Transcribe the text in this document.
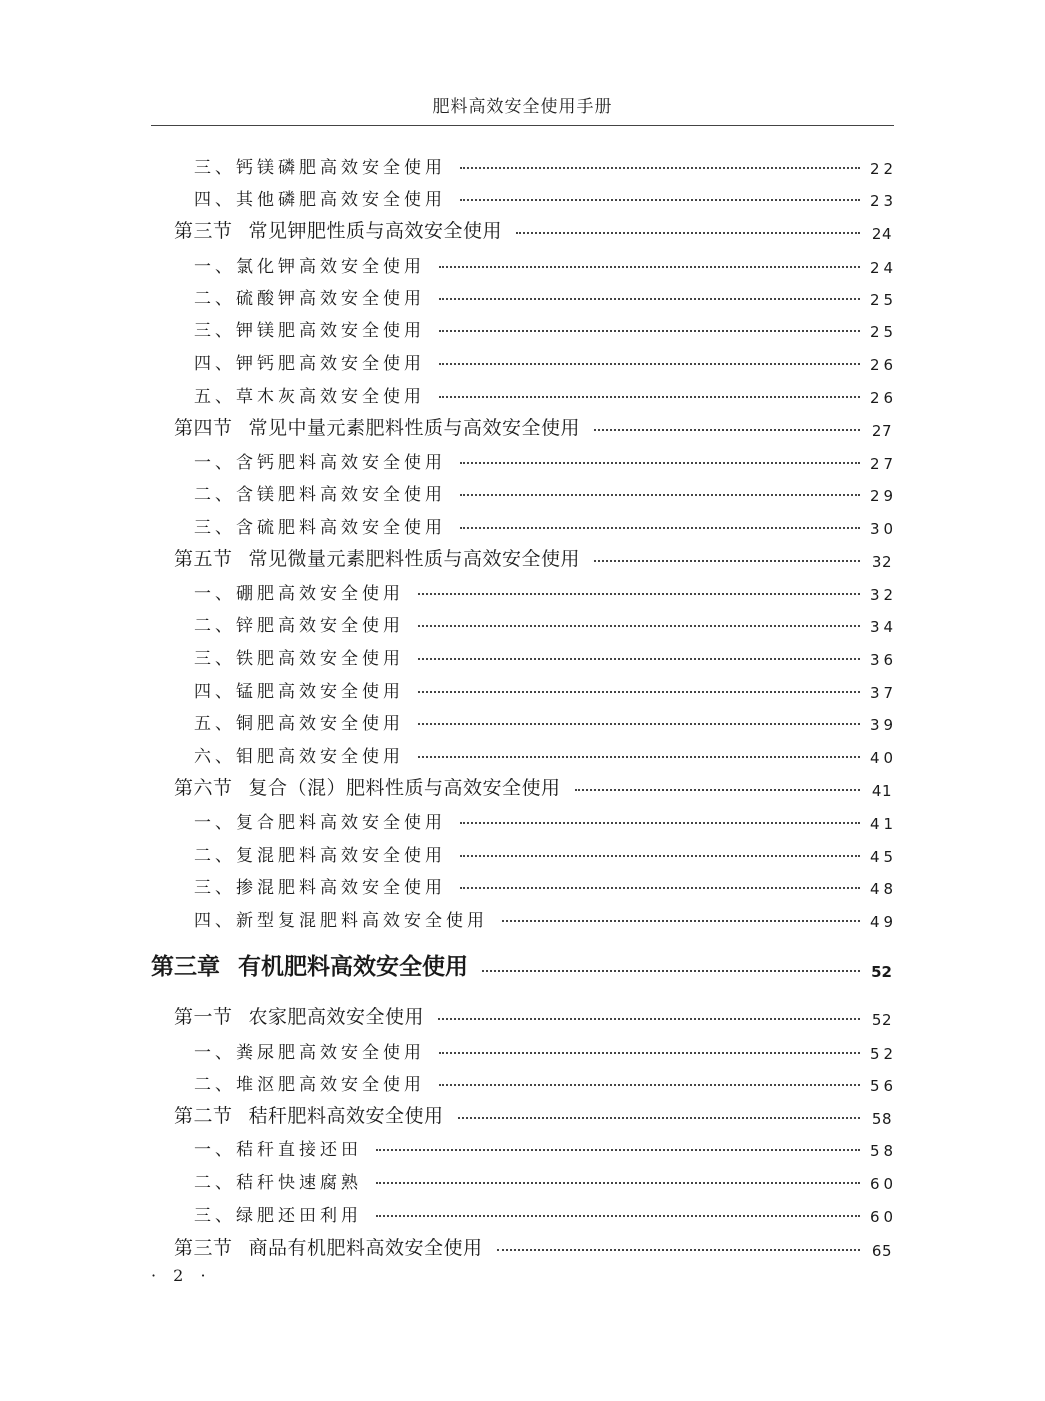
肥料高效安全使用手册
三、钙镁磷肥高效安全使用	22
四、其他磷肥高效安全使用	23
第三节 常见钾肥性质与高效安全使用	24
一、氯化钾高效安全使用	24
二、硫酸钾高效安全使用	25
三、钾镁肥高效安全使用	25
四、钾钙肥高效安全使用	26
五、草木灰高效安全使用	26
第四节 常见中量元素肥料性质与高效安全使用	27
一、含钙肥料高效安全使用	27
二、含镁肥料高效安全使用	29
三、含硫肥料高效安全使用	30
第五节 常见微量元素肥料性质与高效安全使用	32
一、硼肥高效安全使用	32
二、锌肥高效安全使用	34
三、铁肥高效安全使用	36
四、锰肥高效安全使用	37
五、铜肥高效安全使用	39
六、钼肥高效安全使用	40
第六节 复合（混）肥料性质与高效安全使用	41
一、复合肥料高效安全使用	41
二、复混肥料高效安全使用	45
三、掺混肥料高效安全使用	48
四、新型复混肥料高效安全使用	49
第三章 有机肥料高效安全使用	52
第一节 农家肥高效安全使用	52
一、粪尿肥高效安全使用	52
二、堆沤肥高效安全使用	56
第二节 秸秆肥料高效安全使用	58
一、秸秆直接还田	58
二、秸秆快速腐熟	60
三、绿肥还田利用	60
第三节 商品有机肥料高效安全使用	65
· 2 ·
